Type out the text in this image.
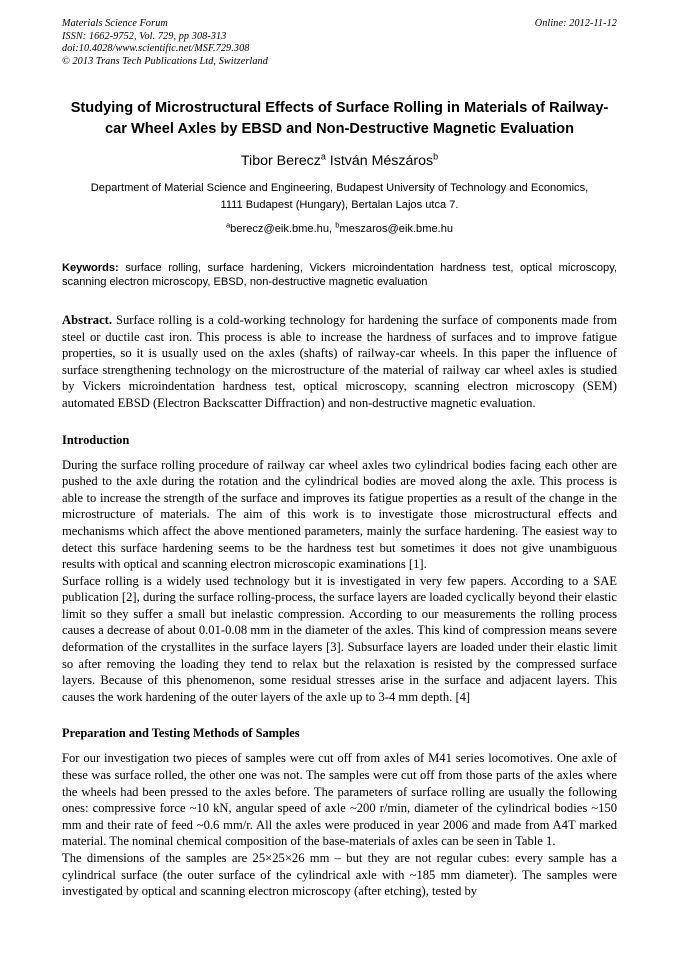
Online: 2012-11-12
Materials Science Forum
ISSN: 1662-9752, Vol. 729, pp 308-313
doi:10.4028/www.scientific.net/MSF.729.308
© 2013 Trans Tech Publications Ltd, Switzerland
Studying of Microstructural Effects of Surface Rolling in Materials of Railway-car Wheel Axles by EBSD and Non-Destructive Magnetic Evaluation
Tibor Berecz$^a$ István Mészáros$^b$
Department of Material Science and Engineering, Budapest University of Technology and Economics, 1111 Budapest (Hungary), Bertalan Lajos utca 7.
$^a$berecz@eik.bme.hu, $^b$meszaros@eik.bme.hu
Keywords: surface rolling, surface hardening, Vickers microindentation hardness test, optical microscopy, scanning electron microscopy, EBSD, non-destructive magnetic evaluation
Abstract. Surface rolling is a cold-working technology for hardening the surface of components made from steel or ductile cast iron. This process is able to increase the hardness of surfaces and to improve fatigue properties, so it is usually used on the axles (shafts) of railway-car wheels. In this paper the influence of surface strengthening technology on the microstructure of the material of railway car wheel axles is studied by Vickers microindentation hardness test, optical microscopy, scanning electron microscopy (SEM) automated EBSD (Electron Backscatter Diffraction) and non-destructive magnetic evaluation.
Introduction

During the surface rolling procedure of railway car wheel axles two cylindrical bodies facing each other are pushed to the axle during the rotation and the cylindrical bodies are moved along the axle. This process is able to increase the strength of the surface and improves its fatigue properties as a result of the change in the microstructure of materials. The aim of this work is to investigate those microstructural effects and mechanisms which affect the above mentioned parameters, mainly the surface hardening. The easiest way to detect this surface hardening seems to be the hardness test but sometimes it does not give unambiguous results with optical and scanning electron microscopic examinations [1].

Surface rolling is a widely used technology but it is investigated in very few papers. According to a SAE publication [2], during the surface rolling-process, the surface layers are loaded cyclically beyond their elastic limit so they suffer a small but inelastic compression. According to our measurements the rolling process causes a decrease of about 0.01-0.08 mm in the diameter of the axles. This kind of compression means severe deformation of the crystallites in the surface layers [3]. Subsurface layers are loaded under their elastic limit so after removing the loading they tend to relax but the relaxation is resisted by the compressed surface layers. Because of this phenomenon, some residual stresses arise in the surface and adjacent layers. This causes the work hardening of the outer layers of the axle up to 3-4 mm depth. [4]

Preparation and Testing Methods of Samples

For our investigation two pieces of samples were cut off from axles of M41 series locomotives. One axle of these was surface rolled, the other one was not. The samples were cut off from those parts of the axles where the wheels had been pressed to the axles before. The parameters of surface rolling are usually the following ones: compressive force ~10 kN, angular speed of axle ~200 r/min, diameter of the cylindrical bodies ~150 mm and their rate of feed ~0.6 mm/r. All the axles were produced in year 2006 and made from A4T marked material. The nominal chemical composition of the base-materials of axles can be seen in Table 1.

The dimensions of the samples are 25×25×26 mm – but they are not regular cubes: every sample has a cylindrical surface (the outer surface of the cylindrical axle with ~185 mm diameter). The samples were investigated by optical and scanning electron microscopy (after etching), tested by
